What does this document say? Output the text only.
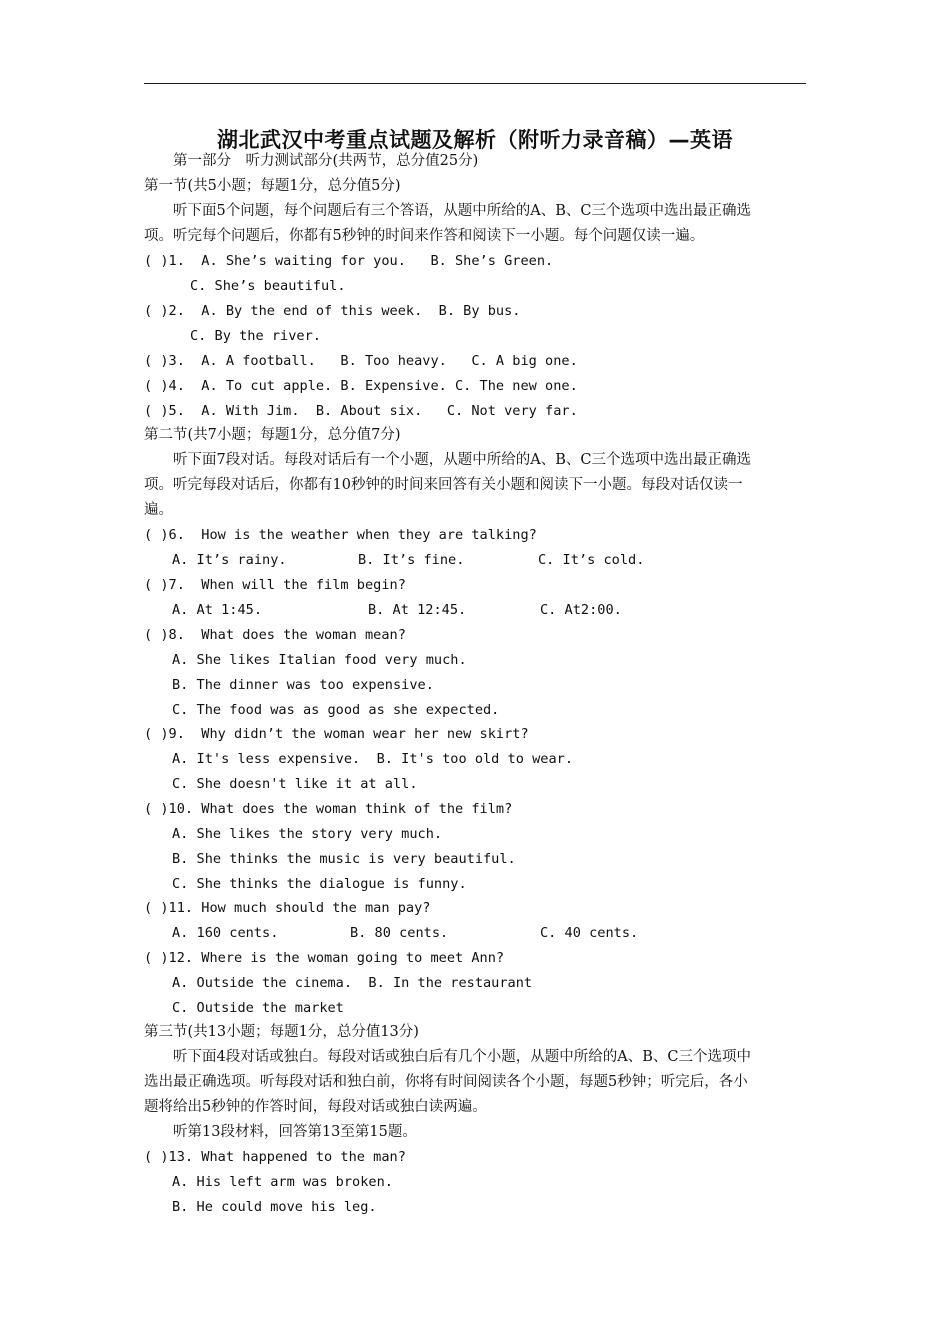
湖北武汉中考重点试题及解析（附听力录音稿）—英语
第一部分　听力测试部分(共两节，总分值25分)
第一节(共5小题；每题1分，总分值5分)
听下面5个问题，每个问题后有三个答语，从题中所给的A、B、C三个选项中选出最正确选
项。听完每个问题后，你都有5秒钟的时间来作答和阅读下一小题。每个问题仅读一遍。
( )1.  A. She’s waiting for you.   B. She’s Green.
C. She’s beautiful.
( )2.  A. By the end of this week.  B. By bus.
C. By the river.
( )3.  A. A football.   B. Too heavy.   C. A big one.
( )4.  A. To cut apple. B. Expensive. C. The new one.
( )5.  A. With Jim.  B. About six.   C. Not very far.
第二节(共7小题；每题1分，总分值7分)
听下面7段对话。每段对话后有一个小题，从题中所给的A、B、C三个选项中选出最正确选
项。听完每段对话后，你都有10秒钟的时间来回答有关小题和阅读下一小题。每段对话仅读一
遍。
( )6.  How is the weather when they are talking?
A. It’s rainy.	B. It’s fine.	C. It’s cold.
( )7.  When will the film begin?
A. At 1:45.	B. At 12:45.	C. At2:00.
( )8.  What does the woman mean?
A. She likes Italian food very much.
B. The dinner was too expensive.
C. The food was as good as she expected.
( )9.  Why didn’t the woman wear her new skirt?
A. It's less expensive.  B. It's too old to wear.
C. She doesn't like it at all.
( )10. What does the woman think of the film?
A. She likes the story very much.
B. She thinks the music is very beautiful.
C. She thinks the dialogue is funny.
( )11. How much should the man pay?
A. 160 cents.	B. 80 cents.	C. 40 cents.
( )12. Where is the woman going to meet Ann?
A. Outside the cinema.  B. In the restaurant
C. Outside the market
第三节(共13小题；每题1分，总分值13分)
听下面4段对话或独白。每段对话或独白后有几个小题，从题中所给的A、B、C三个选项中
选出最正确选项。听每段对话和独白前，你将有时间阅读各个小题，每题5秒钟；听完后，各小
题将给出5秒钟的作答时间，每段对话或独白读两遍。
听第13段材料，回答第13至第15题。
( )13. What happened to the man?
A. His left arm was broken.
B. He could move his leg.
